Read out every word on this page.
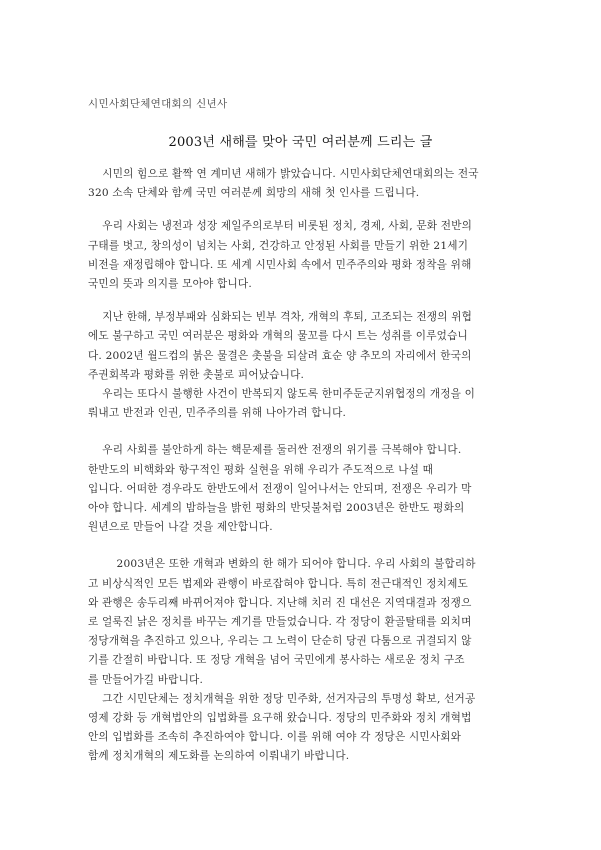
시민사회단체연대회의 신년사
2003년 새해를 맞아 국민 여러분께 드리는 글
시민의 힘으로 활짝 연 계미년 새해가 밝았습니다. 시민사회단체연대회의는 전국
320 소속 단체와 함께 국민 여러분께 희망의 새해 첫 인사를 드립니다.
우리 사회는 냉전과 성장 제일주의로부터 비롯된 정치, 경제, 사회, 문화 전반의
구태를 벗고, 창의성이 넘치는 사회, 건강하고 안정된 사회를 만들기 위한 21세기
비전을 재정립해야 합니다. 또 세계 시민사회 속에서 민주주의와 평화 정착을 위해
국민의 뜻과 의지를 모아야 합니다.
지난 한해, 부정부패와 심화되는 빈부 격차, 개혁의 후퇴, 고조되는 전쟁의 위협
에도 불구하고 국민 여러분은 평화와 개혁의 물꼬를 다시 트는 성취를 이루었습니
다. 2002년 월드컵의 붉은 물결은 촛불을 되살려 효순 양 추모의 자리에서 한국의
주권회복과 평화를 위한 촛불로 피어났습니다.
우리는 또다시 불행한 사건이 반복되지 않도록 한미주둔군지위협정의 개정을 이
뤄내고 반전과 인권, 민주주의를 위해 나아가려 합니다.
우리 사회를 불안하게 하는 핵문제를 둘러싼 전쟁의 위기를 극복해야 합니다.
한반도의 비핵화와 항구적인 평화 실현을 위해 우리가 주도적으로 나설 때
입니다. 어떠한 경우라도 한반도에서 전쟁이 일어나서는 안되며, 전쟁은 우리가 막
아야 합니다. 세계의 밤하늘을 밝힌 평화의 반딧불처럼 2003년은 한반도 평화의
원년으로 만들어 나갈 것을 제안합니다.
2003년은 또한 개혁과 변화의 한 해가 되어야 합니다. 우리 사회의 불합리하
고 비상식적인 모든 법제와 관행이 바로잡혀야 합니다. 특히 전근대적인 정치제도
와 관행은 송두리째 바뀌어져야 합니다. 지난해 치러 진 대선은 지역대결과 정쟁으
로 얼룩진 낡은 정치를 바꾸는 계기를 만들었습니다. 각 정당이 환골탈태를 외치며
정당개혁을 추진하고 있으나, 우리는 그 노력이 단순히 당권 다툼으로 귀결되지 않
기를 간절히 바랍니다. 또 정당 개혁을 넘어 국민에게 봉사하는 새로운 정치 구조
를 만들어가길 바랍니다.
그간 시민단체는 정치개혁을 위한 정당 민주화, 선거자금의 투명성 확보, 선거공
영제 강화 등 개혁법안의 입법화를 요구해 왔습니다. 정당의 민주화와 정치 개혁법
안의 입법화를 조속히 추진하여야 합니다. 이를 위해 여야 각 정당은 시민사회와
함께 정치개혁의 제도화를 논의하여 이뤄내기 바랍니다.
